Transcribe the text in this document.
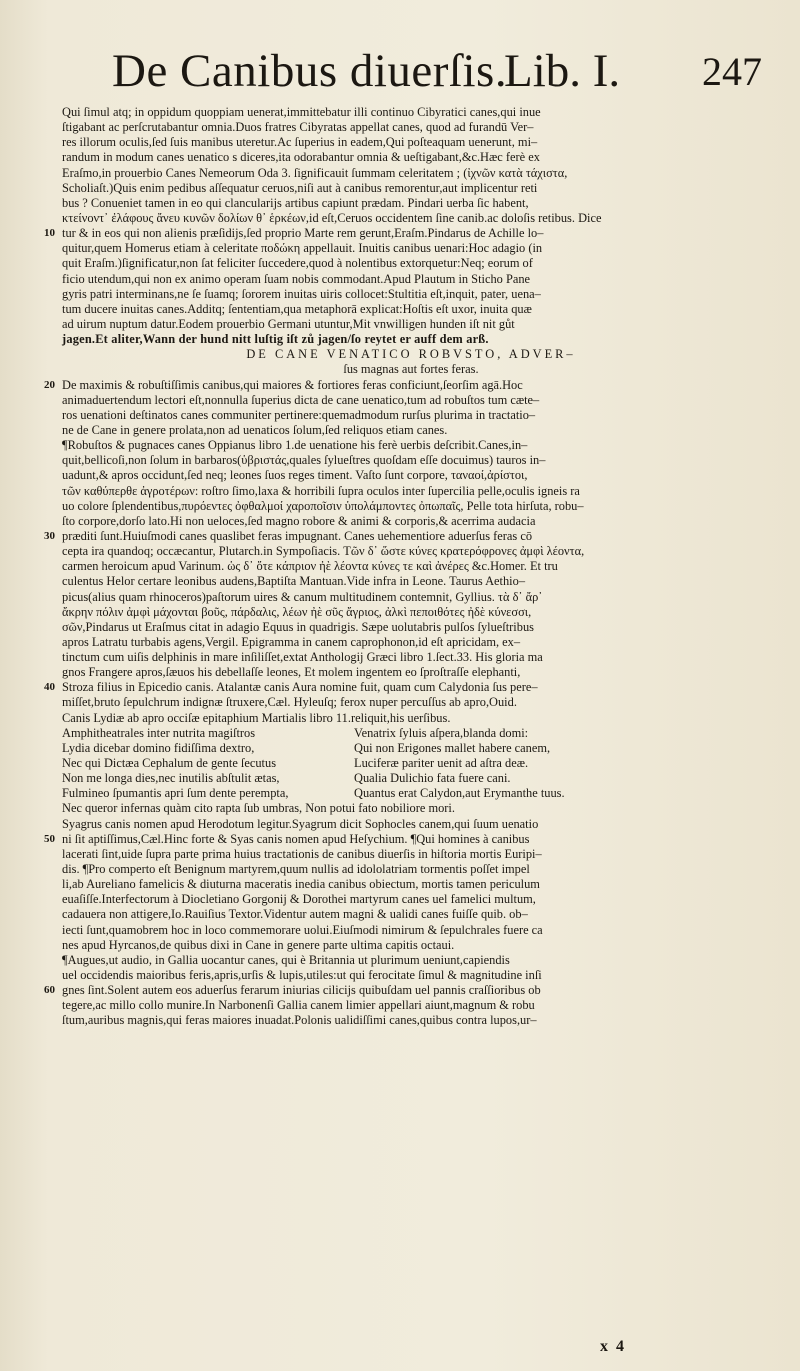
De Canibus diuerſis.
Lib. I. 247
Qui ſimul atq; in oppidum quoppiam uenerat,immittebatur illi continuo Cibyratici canes,qui inue
ſtigabant ac perſcrutabantur omnia.Duos fratres Cibyratas appellat canes, quod ad furandū Ver–
res illorum oculis,ſed ſuis manibus uteretur.Ac ſuperius in eadem,Qui poſteaquam uenerunt, mi–
randum in modum canes uenatico s diceres,ita odorabantur omnia & ueſtigabant,&c.Hæc ferè ex
Eraſmo,in prouerbio Canes Nemeorum Oda 3. ſignificauit ſummam celeritatem ; (ἰχνῶν κατὰ τάχιστα,
Scholiaſt.)Quis enim pedibus aſſequatur ceruos,niſi aut à canibus remorentur,aut implicentur reti
bus ? Conueniet tamen in eo qui clancularijs artibus capiunt prædam. Pindari uerba ſic habent,
κτείνοντ᾽ ἐλάφους ἄνευ κυνῶν δολίων θ᾽ ἑρκέων,id eſt,Ceruos occidentem ſine canib.ac doloſis retibus. Dice
10 tur & in eos qui non alienis præſidijs,ſed proprio Marte rem gerunt,Eraſm.Pindarus de Achille lo–
quitur,quem Homerus etiam à celeritate ποδώκη appellauit. Inuitis canibus uenari:Hoc adagio (in
quit Eraſm.)ſignificatur,non ſat feliciter ſuccedere,quod à nolentibus extorquetur:Neq; eorum of
ficio utendum,qui non ex animo operam ſuam nobis commodant.Apud Plautum in Sticho Pane
gyris patri interminans,ne ſe ſuamq; ſororem inuitas uiris collocet:Stultitia eſt,inquit, pater, uena–
tum ducere inuitas canes.Additq; ſententiam,qua metaphorā explicat:Hoſtis eſt uxor, inuita quæ
ad uirum nuptum datur.Eodem prouerbio Germani utuntur,Mit vnwilligen hunden iſt nit gůt
jagen.Et aliter,Wann der hund nitt luſtig iſt zů jagen/ſo reytet er auff dem arß.
DE CANE VENATICO ROBVSTO, ADVER–
ſus magnas aut fortes feras.
20 De maximis & robuſtiſſimis canibus,qui maiores & fortiores feras conficiunt,ſeorſim agā.Hoc
animaduertendum lectori eſt,nonnulla ſuperius dicta de cane uenatico,tum ad robuſtos tum cæte–
ros uenationi deſtinatos canes communiter pertinere:quemadmodum rurſus plurima in tractatio–
ne de Cane in genere prolata,non ad uenaticos ſolum,ſed reliquos etiam canes.
¶Robuſtos & pugnaces canes Oppianus libro 1.de uenatione his ferè uerbis deſcribit.Canes,in–
quit,bellicoſi,non ſolum in barbaros(ὑβριστάς,quales ſylueſtres quoſdam eſſe docuimus) tauros in–
uadunt,& apros occidunt,ſed neq; leones ſuos reges timent. Vaſto ſunt corpore, ταναοί,ἀρίστοι,
τῶν καθύπερθε ἀγροτέρων: roſtro ſimo,laxa & horribili ſupra oculos inter ſupercilia pelle,oculis igneis ra
uo colore ſplendentibus,πυρόεντες ὀφθαλμοί χαροποῖσιν ὑπολάμποντες ὀπωπαῖς, Pelle tota hirſuta, robu–
ſto corpore,dorſo lato.Hi non ueloces,ſed magno robore & animi & corporis,& acerrima audacia
30 præditi ſunt.Huiuſmodi canes quaslibet feras impugnant. Canes uehementiore aduerſus feras cō
cepta ira quandoq; occæcantur, Plutarch.in Sympoſiacis. Τῶν δ᾽ ὥστε κύνες κρατερόφρονες ἀμφὶ λέοντα,
carmen heroicum apud Varinum. ὡς δ᾽ ὅτε κάπριον ἠὲ λέοντα κύνες τε καὶ ἀνέρες &c.Homer. Et tru
culentus Helor certare leonibus audens,Baptiſta Mantuan.Vide infra in Leone. Taurus Aethio–
picus(alius quam rhinoceros)paſtorum uires & canum multitudinem contemnit, Gyllius. τὰ δ᾽ ἄρ᾽
ἄκρην πόλιν ἀμφὶ μάχονται βοῦς, πάρδαλις, λέων ἠὲ σῦς ἄγριος, ἀλκὶ πεποιθότες ἠδὲ κύνεσσι,
σῶν,Pindarus ut Eraſmus citat in adagio Equus in quadrigis. Sæpe uolutabris pulſos ſylueſtribus
apros Latratu turbabis agens,Vergil. Epigramma in canem caprophonon,id eſt apricidam, ex–
tinctum cum uiſis delphinis in mare inſiliſſet,extat Anthologij Græci libro 1.ſect.33. His gloria ma
gnos Frangere apros,ſæuos his debellaſſe leones, Et molem ingentem eo ſproſtraſſe elephanti,
40 Stroza filius in Epicedio canis. Atalantæ canis Aura nomine fuit, quam cum Calydonia ſus pere–
miſſet,bruto ſepulchrum indignæ ſtruxere,Cæl. Hyleuſq; ferox nuper percuſſus ab apro,Ouid.
Canis Lydiæ ab apro occiſæ epitaphium Martialis libro 11.reliquit,his uerſibus.
Amphitheatrales inter nutrita magiſtros	Venatrix ſyluis aſpera,blanda domi:
Lydia dicebar domino fidiſſima dextro,	Qui non Erigones mallet habere canem,
Nec qui Dictæa Cephalum de gente ſecutus	Luciferæ pariter uenit ad aſtra deæ.
Non me longa dies,nec inutilis abſtulit ætas,	Qualia Dulichio fata fuere cani.
Fulmineo ſpumantis apri ſum dente perempta,	Quantus erat Calydon,aut Erymanthe tuus.
Nec queror infernas quàm cito rapta ſub umbras, Non potui fato nobiliore mori.
Syagrus canis nomen apud Herodotum legitur.Syagrum dicit Sophocles canem,qui ſuum uenatio
50 ni ſit aptiſſimus,Cæl.Hinc forte & Syas canis nomen apud Heſychium. ¶Qui homines à canibus
lacerati ſint,uide ſupra parte prima huius tractationis de canibus diuerſis in hiſtoria mortis Euripi–
dis. ¶Pro comperto eſt Benignum martyrem,quum nullis ad idololatriam tormentis poſſet impel
li,ab Aureliano famelicis & diuturna maceratis inedia canibus obiectum, mortis tamen periculum
euaſiſſe.Interfectorum à Diocletiano Gorgonij & Dorothei martyrum canes uel famelici multum,
cadauera non attigere,Io.Rauiſius Textor.Videntur autem magni & ualidi canes fuiſſe quib. ob–
iecti ſunt,quamobrem hoc in loco commemorare uolui.Eiuſmodi nimirum & ſepulchrales fuere ca
nes apud Hyrcanos,de quibus dixi in Cane in genere parte ultima capitis octaui.
¶Augues,ut audio, in Gallia uocantur canes, qui è Britannia ut plurimum ueniunt,capiendis
uel occidendis maioribus feris,apris,urſis & lupis,utiles:ut qui ferocitate ſimul & magnitudine inſi
60 gnes ſint.Solent autem eos aduerſus ferarum iniurias cilicijs quibuſdam uel pannis craſſioribus ob
tegere,ac millo collo munire.In Narbonenſi Gallia canem limier appellari aiunt,magnum & robu
ſtum,auribus magnis,qui feras maiores inuadat.Polonis ualidiſſimi canes,quibus contra lupos,ur–
x 4
